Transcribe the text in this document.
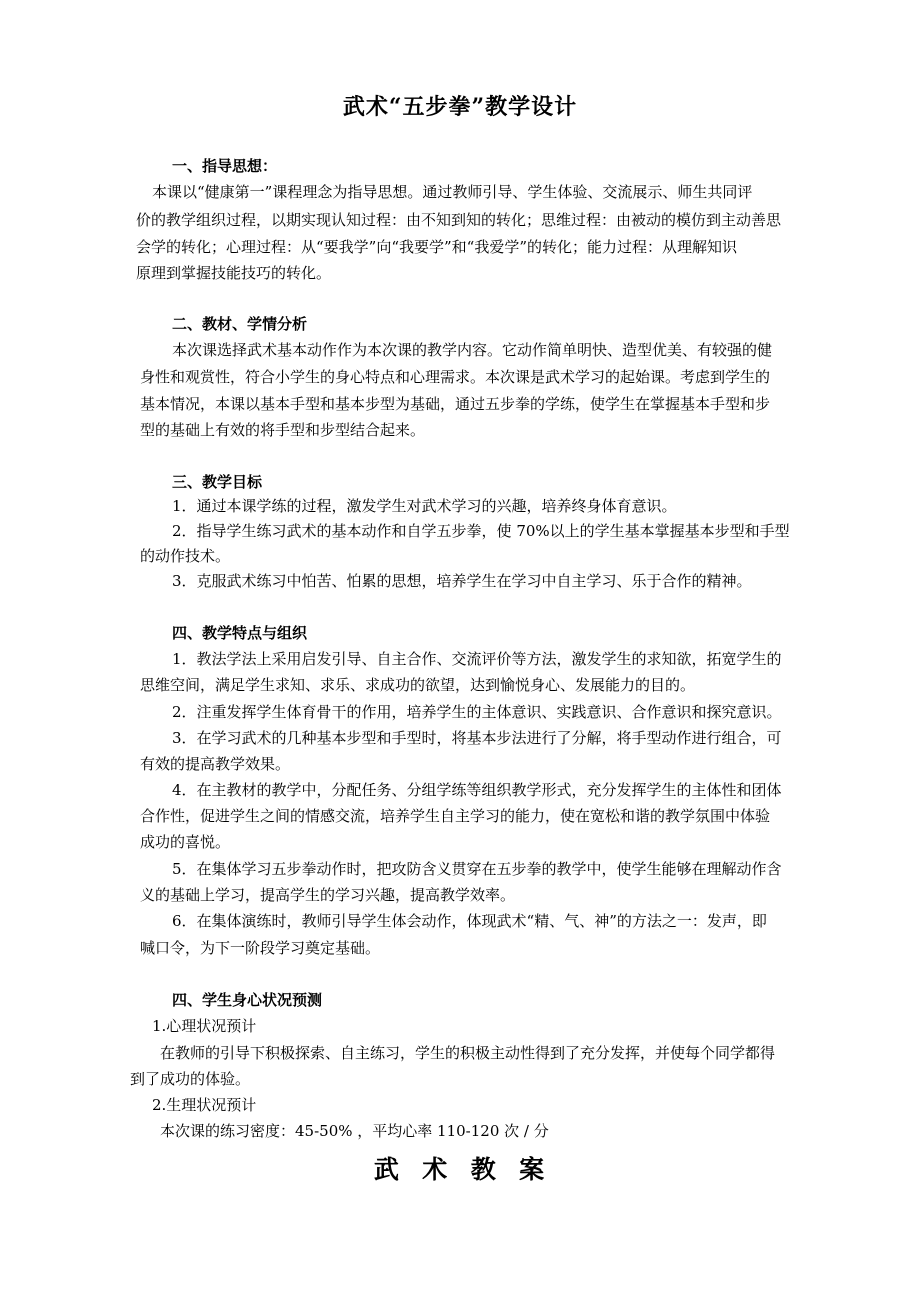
武术“五步拳”教学设计
一、指导思想：
本课以“健康第一”课程理念为指导思想。通过教师引导、学生体验、交流展示、师生共同评
价的教学组织过程，以期实现认知过程：由不知到知的转化；思维过程：由被动的模仿到主动善思
会学的转化；心理过程：从“要我学”向“我要学”和“我爱学”的转化；能力过程：从理解知识
原理到掌握技能技巧的转化。
二、教材、学情分析
本次课选择武术基本动作作为本次课的教学内容。它动作简单明快、造型优美、有较强的健
身性和观赏性，符合小学生的身心特点和心理需求。本次课是武术学习的起始课。考虑到学生的
基本情况，本课以基本手型和基本步型为基础，通过五步拳的学练，使学生在掌握基本手型和步
型的基础上有效的将手型和步型结合起来。
三、教学目标
1．通过本课学练的过程，激发学生对武术学习的兴趣，培养终身体育意识。
2．指导学生练习武术的基本动作和自学五步拳，使 70%以上的学生基本掌握基本步型和手型
的动作技术。
3．克服武术练习中怕苦、怕累的思想，培养学生在学习中自主学习、乐于合作的精神。
四、教学特点与组织
1．教法学法上采用启发引导、自主合作、交流评价等方法，激发学生的求知欲，拓宽学生的
思维空间，满足学生求知、求乐、求成功的欲望，达到愉悦身心、发展能力的目的。
2．注重发挥学生体育骨干的作用，培养学生的主体意识、实践意识、合作意识和探究意识。
3．在学习武术的几种基本步型和手型时，将基本步法进行了分解，将手型动作进行组合，可
有效的提高教学效果。
4．在主教材的教学中，分配任务、分组学练等组织教学形式，充分发挥学生的主体性和团体
合作性，促进学生之间的情感交流，培养学生自主学习的能力，使在宽松和谐的教学氛围中体验
成功的喜悦。
5．在集体学习五步拳动作时，把攻防含义贯穿在五步拳的教学中，使学生能够在理解动作含
义的基础上学习，提高学生的学习兴趣，提高教学效率。
6．在集体演练时，教师引导学生体会动作，体现武术“精、气、神”的方法之一：发声，即
喊口令，为下一阶段学习奠定基础。
四、学生身心状况预测
1.心理状况预计
在教师的引导下积极探索、自主练习，学生的积极主动性得到了充分发挥，并使每个同学都得
到了成功的体验。
2.生理状况预计
本次课的练习密度：45-50% ，平均心率 110-120 次 / 分
武  术  教  案
